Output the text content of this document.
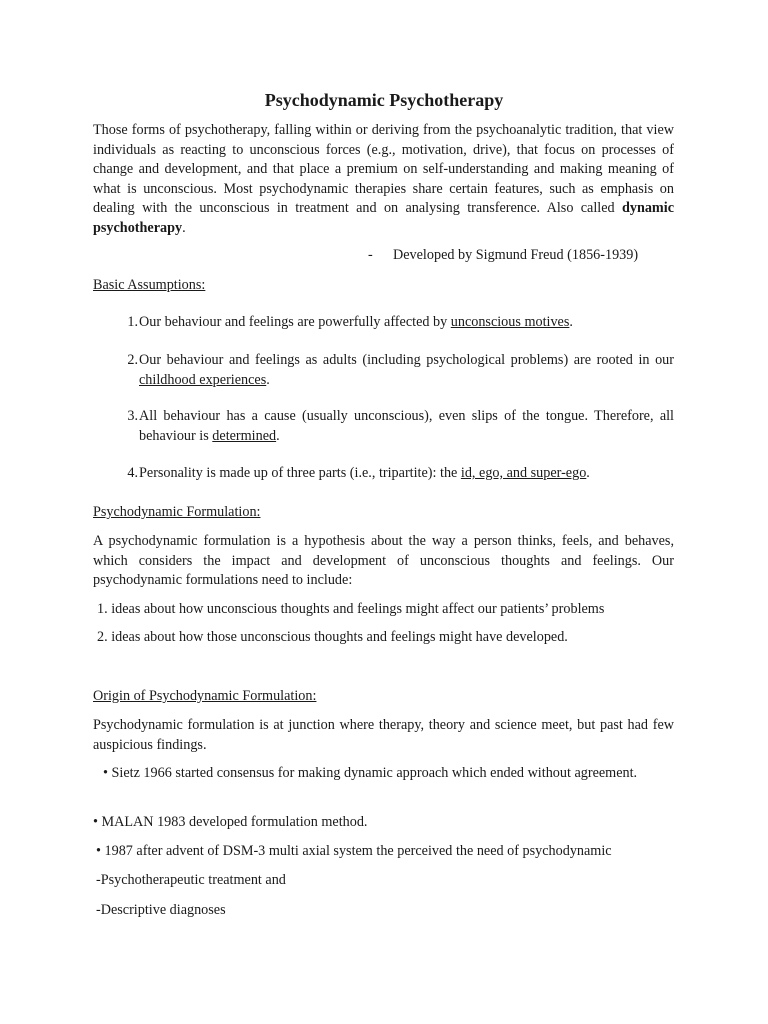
Psychodynamic Psychotherapy

Those forms of psychotherapy, falling within or deriving from the psychoanalytic tradition, that view individuals as reacting to unconscious forces (e.g., motivation, drive), that focus on processes of change and development, and that place a premium on self-understanding and making meaning of what is unconscious. Most psychodynamic therapies share certain features, such as emphasis on dealing with the unconscious in treatment and on analysing transference. Also called dynamic psychotherapy.

- Developed by Sigmund Freud (1856-1939)
Basic Assumptions:
1. Our behaviour and feelings are powerfully affected by unconscious motives.
2. Our behaviour and feelings as adults (including psychological problems) are rooted in our childhood experiences.
3. All behaviour has a cause (usually unconscious), even slips of the tongue. Therefore, all behaviour is determined.
4. Personality is made up of three parts (i.e., tripartite): the id, ego, and super-ego.
Psychodynamic Formulation:

A psychodynamic formulation is a hypothesis about the way a person thinks, feels, and behaves, which considers the impact and development of unconscious thoughts and feelings. Our psychodynamic formulations need to include:

1. ideas about how unconscious thoughts and feelings might affect our patients’ problems
2. ideas about how those unconscious thoughts and feelings might have developed.
Origin of Psychodynamic Formulation:

Psychodynamic formulation is at junction where therapy, theory and science meet, but past had few auspicious findings.

• Sietz 1966 started consensus for making dynamic approach which ended without agreement.

• MALAN 1983 developed formulation method.
• 1987 after advent of DSM-3 multi axial system the perceived the need of psychodynamic
-Psychotherapeutic treatment and
-Descriptive diagnoses
